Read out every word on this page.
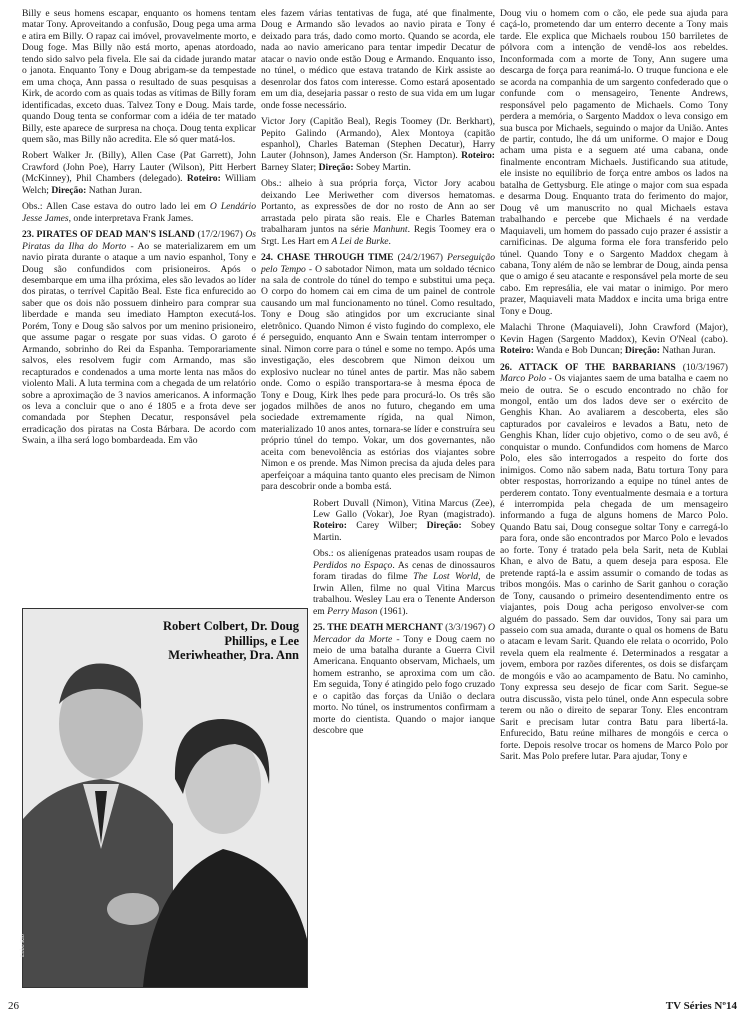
Billy e seus homens escapar, enquanto os homens tentam matar Tony. Aproveitando a confusão, Doug pega uma arma e atira em Billy. O rapaz cai imóvel, provavelmente morto, e Doug foge. Mas Billy não está morto, apenas atordoado, tendo sido salvo pela fivela. Ele sai da cidade jurando matar o janota. Enquanto Tony e Doug abrigam-se da tempestade em uma choça, Ann passa o resultado de suas pesquisas a Kirk, de acordo com as quais todas as vítimas de Billy foram identificadas, exceto duas. Talvez Tony e Doug. Mais tarde, quando Doug tenta se conformar com a idéia de ter matado Billy, este aparece de surpresa na choça. Doug tenta explicar quem são, mas Billy não acredita. Ele só quer matá-los.

Robert Walker Jr. (Billy), Allen Case (Pat Garrett), John Crawford (John Poe), Harry Lauter (Wilson), Pitt Herbert (McKinney), Phil Chambers (delegado). Roteiro: William Welch; Direção: Nathan Juran.

Obs.: Allen Case estava do outro lado lei em O Lendário Jesse James, onde interpretava Frank James.

23. PIRATES OF DEAD MAN'S ISLAND (17/2/1967) Os Piratas da Ilha do Morto - Ao se materializarem em um navio pirata durante o ataque a um navio espanhol, Tony e Doug são confundidos com prisioneiros. Após o desembarque em uma ilha próxima, eles são levados ao líder dos piratas, o terrível Capitão Beal. Este fica enfurecido ao saber que os dois não possuem dinheiro para comprar sua liberdade e manda seu imediato Hampton executá-los. Porém, Tony e Doug são salvos por um menino prisioneiro, que assume pagar o resgate por suas vidas. O garoto é Armando, sobrinho do Rei da Espanha. Temporariamente salvos, eles resolvem fugir com Armando, mas são recapturados e condenados a uma morte lenta nas mãos do violento Mali. A luta termina com a chegada de um relatório sobre a aproximação de 3 navios americanos. A informação os leva a concluir que o ano é 1805 e a frota deve ser comandada por Stephen Decatur, responsável pela erradicação dos piratas na Costa Bárbara. De acordo com Swain, a ilha será logo bombardeada. Em vão

eles fazem várias tentativas de fuga, até que finalmente, Doug e Armando são levados ao navio pirata e Tony é deixado para trás, dado como morto. Quando se acorda, ele nada ao navio americano para tentar impedir Decatur de atacar o navio onde estão Doug e Armando. Enquanto isso, no túnel, o médico que estava tratando de Kirk assiste ao desenrolar dos fatos com interesse. Como estará aposentado em um dia, desejaria passar o resto de sua vida em um lugar onde fosse necessário.

Victor Jory (Capitão Beal), Regis Toomey (Dr. Berkhart), Pepito Galindo (Armando), Alex Montoya (capitão espanhol), Charles Bateman (Stephen Decatur), Harry Lauter (Johnson), James Anderson (Sr. Hampton). Roteiro: Barney Slater; Direção: Sobey Martin.

Obs.: alheio à sua própria força, Victor Jory acabou deixando Lee Meriwether com diversos hematomas. Portanto, as expressões de dor no rosto de Ann ao ser arrastada pelo pirata são reais. Ele e Charles Bateman trabalharam juntos na série Manhunt. Regis Toomey era o Srgt. Les Hart em A Lei de Burke.

24. CHASE THROUGH TIME (24/2/1967) Perseguição pelo Tempo - O sabotador Nimon, mata um soldado técnico na sala de controle do túnel do tempo e substitui uma peça. O corpo do homem cai em cima de um painel de controle causando um mal funcionamento no túnel. Como resultado, Tony e Doug são atingidos por um excruciante sinal eletrônico. Quando Nimon é visto fugindo do complexo, ele é perseguido, enquanto Ann e Swain tentam interromper o sinal. Nimon corre para o túnel e some no tempo. Após uma investigação, eles descobrem que Nimon deixou um explosivo nuclear no túnel antes de partir. Mas não sabem onde. Como o espião transportara-se à mesma época de Tony e Doug, Kirk lhes pede para procurá-lo. Os três são jogados milhões de anos no futuro, chegando em uma sociedade extremamente rígida, na qual Nimon, materializado 10 anos antes, tornara-se líder e construíra seu próprio túnel do tempo. Vokar, um dos governantes, não aceita com benevolência as estórias dos viajantes sobre Nimon e os prende. Mas Nimon precisa da ajuda deles para aperfeiçoar a máquina tanto quanto eles precisam de Nimon para descobrir onde a bomba está.

Robert Duvall (Nimon), Vitina Marcus (Zee), Lew Gallo (Vokar), Joe Ryan (magistrado). Roteiro: Carey Wilber; Direção: Sobey Martin.

Obs.: os alienígenas prateados usam roupas de Perdidos no Espaço. As cenas de dinossauros foram tiradas do filme The Lost World, de Irwin Allen, filme no qual Vitina Marcus trabalhou. Wesley Lau era o Tenente Anderson em Perry Mason (1961).

25. THE DEATH MERCHANT (3/3/1967) O Mercador da Morte - Tony e Doug caem no meio de uma batalha durante a Guerra Civil Americana. Enquanto observam, Michaels, um homem estranho, se aproxima com um cão. Em seguida, Tony é atingido pelo fogo cruzado e o capitão das forças da União o declara morto. No túnel, os instrumentos confirmam a morte do cientista. Quando o major ianque descobre que

Doug viu o homem com o cão, ele pede sua ajuda para caçá-lo, prometendo dar um enterro decente a Tony mais tarde. Ele explica que Michaels roubou 150 barriletes de pólvora com a intenção de vendê-los aos rebeldes. Inconformada com a morte de Tony, Ann sugere uma descarga de força para reanimá-lo. O truque funciona e ele se acorda na companhia de um sargento confederado que o confunde com o mensageiro, Tenente Andrews, responsável pelo pagamento de Michaels. Como Tony perdera a memória, o Sargento Maddox o leva consigo em sua busca por Michaels, seguindo o major da União. Antes de partir, contudo, lhe dá um uniforme. O major e Doug acham uma pista e a seguem até uma cabana, onde finalmente encontram Michaels. Justificando sua atitude, ele insiste no equilíbrio de força entre ambos os lados na batalha de Gettysburg. Ele atinge o major com sua espada e desarma Doug. Enquanto trata do ferimento do major, Doug vê um manuscrito no qual Michaels estava trabalhando e percebe que Michaels é na verdade Maquiaveli, um homem do passado cujo prazer é assistir a carnificinas. De alguma forma ele fora transferido pelo túnel. Quando Tony e o Sargento Maddox chegam à cabana, Tony além de não se lembrar de Doug, ainda pensa que o amigo é seu atacante e responsável pela morte de seu cabo. Em represália, ele vai matar o inimigo. Por mero prazer, Maquiaveli mata Maddox e incita uma briga entre Tony e Doug.

Malachi Throne (Maquiaveli), John Crawford (Major), Kevin Hagen (Sargento Maddox), Kevin O'Neal (cabo). Roteiro: Wanda e Bob Duncan; Direção: Nathan Juran.

26. ATTACK OF THE BARBARIANS (10/3/1967) Marco Polo - Os viajantes saem de uma batalha e caem no meio de outra. Se o escudo encontrado no chão for mongol, então um dos lados deve ser o exército de Genghis Khan. Ao avaliarem a descoberta, eles são capturados por cavaleiros e levados a Batu, neto de Genghis Khan, líder cujo objetivo, como o de seu avô, é conquistar o mundo. Confundidos com homens de Marco Polo, eles são interrogados a respeito do forte dos inimigos. Como não sabem nada, Batu tortura Tony para obter respostas, horrorizando a equipe no túnel antes de perderem contato. Tony eventualmente desmaia e a tortura é interrompida pela chegada de um mensageiro informando a fuga de alguns homens de Marco Polo. Quando Batu sai, Doug consegue soltar Tony e carregá-lo para fora, onde são encontrados por Marco Polo e levados ao forte. Tony é tratado pela bela Sarit, neta de Kublai Khan, e alvo de Batu, a quem deseja para esposa. Ele pretende raptá-la e assim assumir o comando de todas as tribos mongóis. Mas o carinho de Sarit ganhou o coração de Tony, causando o primeiro desentendimento entre os viajantes, pois Doug acha perigoso envolver-se com alguém do passado. Sem dar ouvidos, Tony sai para um passeio com sua amada, durante o qual os homens de Batu o atacam e levam Sarit. Quando ele relata o ocorrido, Polo revela quem ela realmente é. Determinados a resgatar a jovem, embora por razões diferentes, os dois se disfarçam de mongóis e vão ao acampamento de Batu. No caminho, Tony expressa seu desejo de ficar com Sarit. Segue-se outra discussão, vista pelo túnel, onde Ann especula sobre terem ou não o direito de separar Tony. Eles encontram Sarit e precisam lutar contra Batu para libertá-la. Enfurecido, Batu reúne milhares de mongóis e cerca o forte. Depois resolve trocar os homens de Marco Polo por Sarit. Mas Polo prefere lutar. Para ajudar, Tony e

Robert Colbert, Dr. Doug Phillips, e Lee Meriwheather, Dra. Ann
Lobo Rio
26	TV Séries Nº14
